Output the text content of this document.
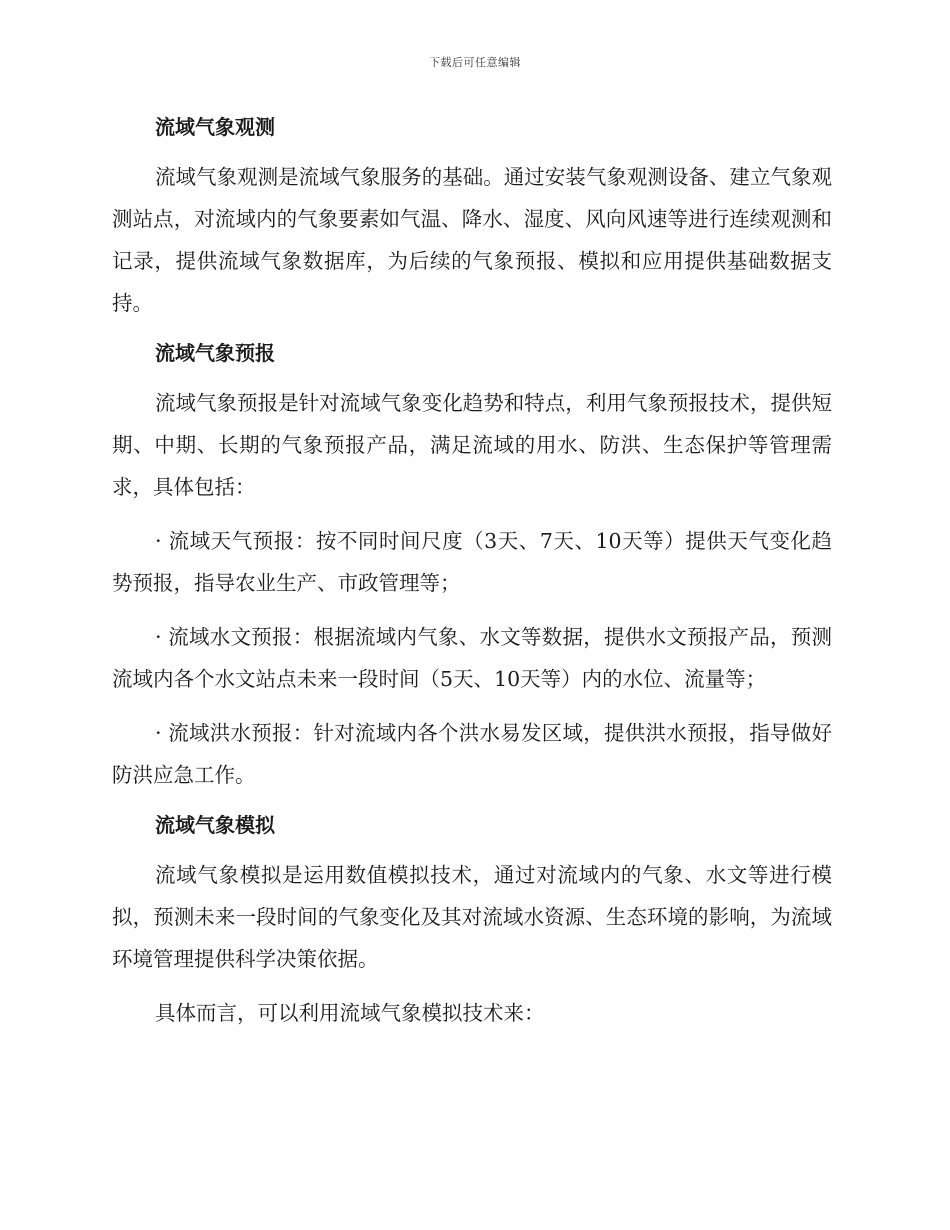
下载后可任意编辑
流域气象观测

流域气象观测是流域气象服务的基础。通过安装气象观测设备、建立气象观测站点，对流域内的气象要素如气温、降水、湿度、风向风速等进行连续观测和记录，提供流域气象数据库，为后续的气象预报、模拟和应用提供基础数据支持。

流域气象预报

流域气象预报是针对流域气象变化趋势和特点，利用气象预报技术，提供短期、中期、长期的气象预报产品，满足流域的用水、防洪、生态保护等管理需求，具体包括：

· 流域天气预报：按不同时间尺度（3天、7天、10天等）提供天气变化趋势预报，指导农业生产、市政管理等；

· 流域水文预报：根据流域内气象、水文等数据，提供水文预报产品，预测流域内各个水文站点未来一段时间（5天、10天等）内的水位、流量等；

· 流域洪水预报：针对流域内各个洪水易发区域，提供洪水预报，指导做好防洪应急工作。

流域气象模拟

流域气象模拟是运用数值模拟技术，通过对流域内的气象、水文等进行模拟，预测未来一段时间的气象变化及其对流域水资源、生态环境的影响，为流域环境管理提供科学决策依据。

具体而言，可以利用流域气象模拟技术来：
